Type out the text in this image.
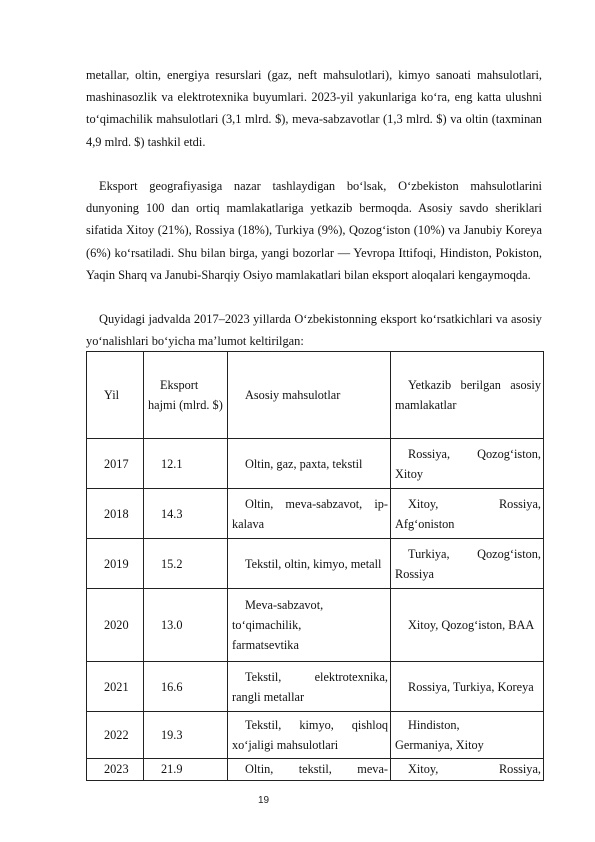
metallar, oltin, energiya resurslari (gaz, neft mahsulotlari), kimyo sanoati mahsulotlari, mashinasozlik va elektrotexnika buyumlari. 2023-yil yakunlariga ko‘ra, eng katta ulushni to‘qimachilik mahsulotlari (3,1 mlrd. $), meva-sabzavotlar (1,3 mlrd. $) va oltin (taxminan 4,9 mlrd. $) tashkil etdi.

Eksport geografiyasiga nazar tashlaydigan bo‘lsak, O‘zbekiston mahsulotlarini dunyoning 100 dan ortiq mamlakatlariga yetkazib bermoqda. Asosiy savdo sheriklari sifatida Xitoy (21%), Rossiya (18%), Turkiya (9%), Qozog‘iston (10%) va Janubiy Koreya (6%) ko‘rsatiladi. Shu bilan birga, yangi bozorlar — Yevropa Ittifoqi, Hindiston, Pokiston, Yaqin Sharq va Janubi-Sharqiy Osiyo mamlakatlari bilan eksport aloqalari kengaymoqda.

Quyidagi jadvalda 2017–2023 yillarda O‘zbekistonning eksport ko‘rsatkichlari va asosiy yo‘nalishlari bo‘yicha ma’lumot keltirilgan:

Yil	Eksport hajmi (mlrd. $)	Asosiy mahsulotlar	Yetkazib berilgan asosiy mamlakatlar
2017	12.1	Oltin, gaz, paxta, tekstil	Rossiya, Qozog‘iston, Xitoy
2018	14.3	Oltin, meva-sabzavot, ip-kalava	Xitoy, Rossiya, Afg‘oniston
2019	15.2	Tekstil, oltin, kimyo, metall	Turkiya, Qozog‘iston, Rossiya
2020	13.0	Meva-sabzavot, to‘qimachilik, farmatsevtika	Xitoy, Qozog‘iston, BAA
2021	16.6	Tekstil, elektrotexnika, rangli metallar	Rossiya, Turkiya, Koreya
2022	19.3	Tekstil, kimyo, qishloq xo‘jaligi mahsulotlari	Hindiston, Germaniya, Xitoy
2023	21.9	Oltin, tekstil, meva-	Xitoy, Rossiya,
19
